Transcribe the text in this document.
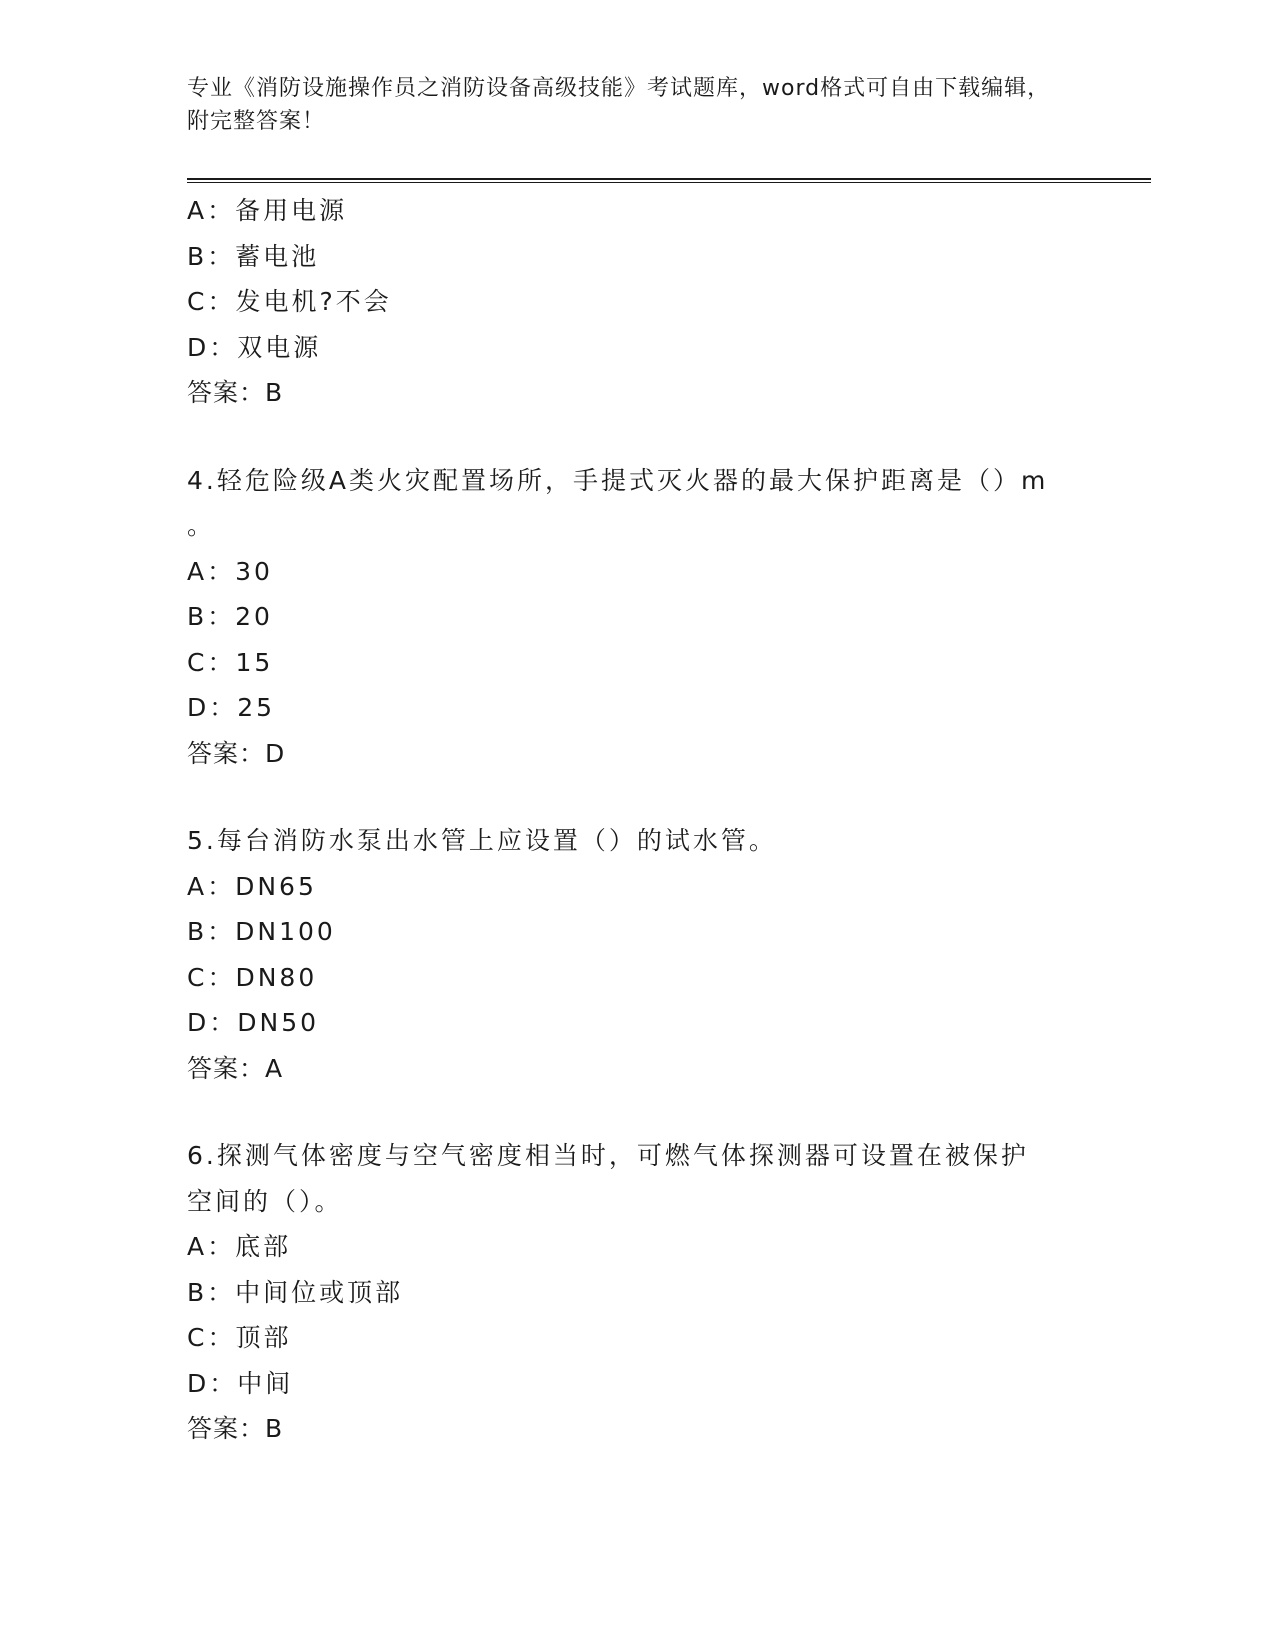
专业《消防设施操作员之消防设备高级技能》考试题库，word格式可自由下载编辑，附完整答案！

A：备用电源

B：蓄电池

C：发电机?不会

D：双电源

答案：B

4.轻危险级A类火灾配置场所，手提式灭火器的最大保护距离是（）m

。

A：30

B：20

C：15

D：25

答案：D

5.每台消防水泵出水管上应设置（）的试水管。

A：DN65

B：DN100

C：DN80

D：DN50

答案：A

6.探测气体密度与空气密度相当时，可燃气体探测器可设置在被保护

空间的（）。

A：底部

B：中间位或顶部

C：顶部

D：中间

答案：B
